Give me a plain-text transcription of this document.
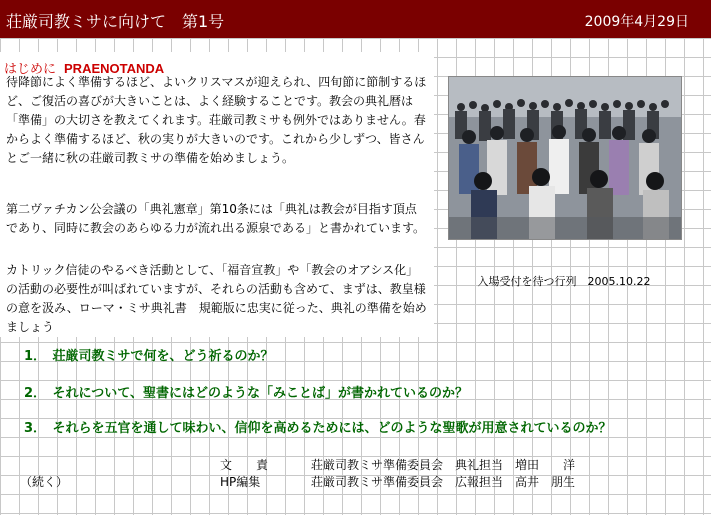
荘厳司教ミサに向けて　第1号	2009年4月29日
はじめに PRAENOTANDA

待降節によく準備するほど、よいクリスマスが迎えられ、四旬節に節制するほど、ご復活の喜びが大きいことは、よく経験することです。教会の典礼暦は「準備」の大切さを教えてくれます。荘厳司教ミサも例外ではありません。春からよく準備するほど、秋の実りが大きいのです。これから少しずつ、皆さんとご一緒に秋の荘厳司教ミサの準備を始めましょう。

第二ヴァチカン公会議の「典礼憲章」第10条には「典礼は教会が目指す頂点であり、同時に教会のあらゆる力が流れ出る源泉である」と書かれています。

カトリック信徒のやるべき活動として、「福音宣教」や「教会のオアシス化」の活動の必要性が叫ばれていますが、それらの活動も含めて、まずは、教皇様の意を汲み、ローマ・ミサ典礼書　規範版に忠実に従った、典礼の準備を始めましょう

入場受付を待つ行列　2005.10.22
1．　荘厳司教ミサで何を、どう祈るのか？
2．　それについて、聖書にはどのような「みことば」が書かれているのか？
3．　それらを五官を通して味わい、信仰を高めるためには、どのような聖歌が用意されているのか？
文　　責	荘厳司教ミサ準備委員会　典礼担当　増田　　洋
HP編集	荘厳司教ミサ準備委員会　広報担当　高井　朋生
（続く）
